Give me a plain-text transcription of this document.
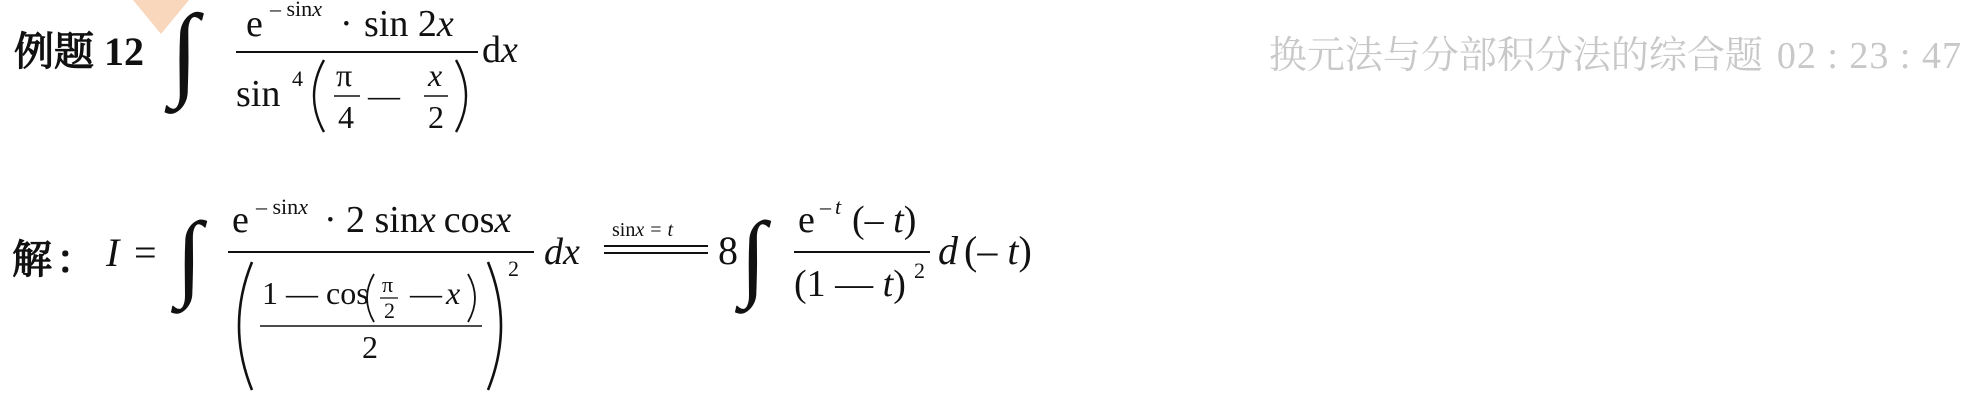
例题 12
解 ：
换元法与分部积分法的综合题 02 : 23 : 47
∫ e – sinx · sin 2x
sin 4 π
4
—
x
2
dx
I = ∫ e – sinx · 2 sinx cosx
1 — cos π
2 — x
2
2 dx
sinx = t 8 ∫ e – t (– t)
(1 — t) 2 d (– t)
